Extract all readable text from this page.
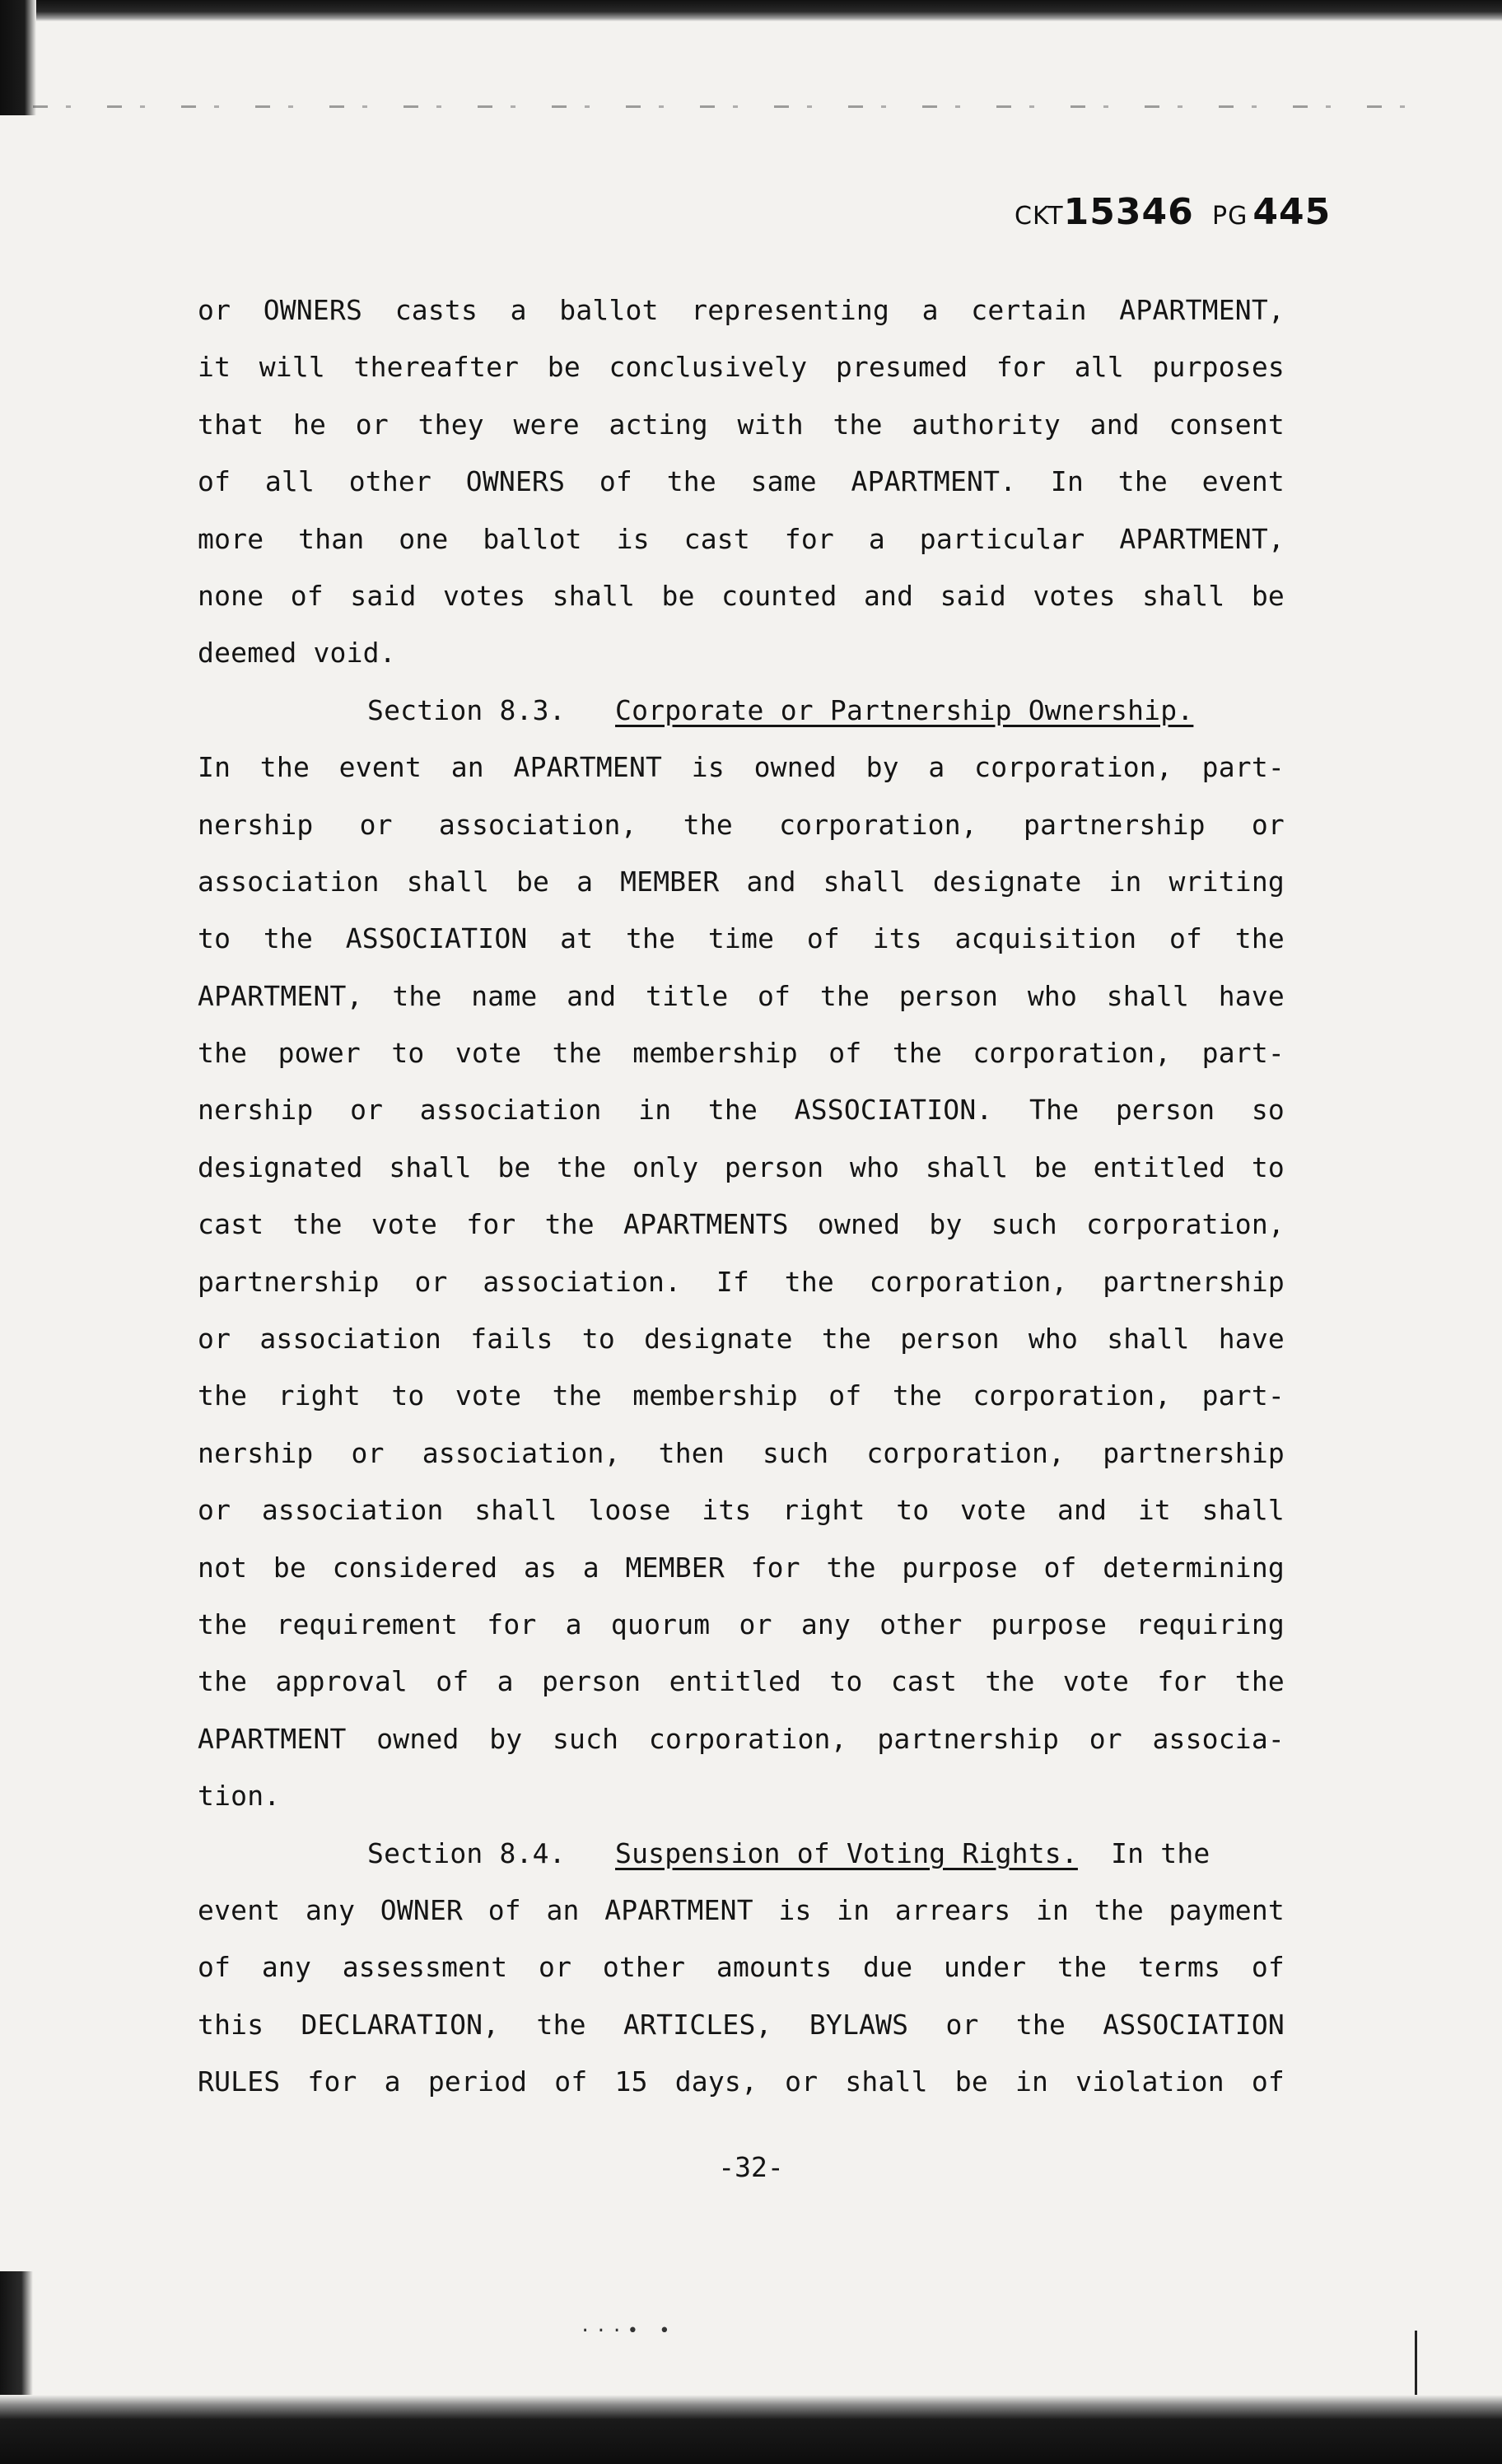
CKT15346 PG 445
or OWNERS casts a ballot representing a certain APARTMENT,
it will thereafter be conclusively presumed for all purposes
that he or they were acting with the authority and consent
of all other OWNERS of the same APARTMENT. In the event
more than one ballot is cast for a particular APARTMENT,
none of said votes shall be counted and said votes shall be
deemed void.
Section 8.3. Corporate or Partnership Ownership.
In the event an APARTMENT is owned by a corporation, part-
nership or association, the corporation, partnership or
association shall be a MEMBER and shall designate in writing
to the ASSOCIATION at the time of its acquisition of the
APARTMENT, the name and title of the person who shall have
the power to vote the membership of the corporation, part-
nership or association in the ASSOCIATION. The person so
designated shall be the only person who shall be entitled to
cast the vote for the APARTMENTS owned by such corporation,
partnership or association. If the corporation, partnership
or association fails to designate the person who shall have
the right to vote the membership of the corporation, part-
nership or association, then such corporation, partnership
or association shall loose its right to vote and it shall
not be considered as a MEMBER for the purpose of determining
the requirement for a quorum or any other purpose requiring
the approval of a person entitled to cast the vote for the
APARTMENT owned by such corporation, partnership or associa-
tion.
Section 8.4. Suspension of Voting Rights. In the
event any OWNER of an APARTMENT is in arrears in the payment
of any assessment or other amounts due under the terms of
this DECLARATION, the ARTICLES, BYLAWS or the ASSOCIATION
RULES for a period of 15 days, or shall be in violation of
-32-
···• •
